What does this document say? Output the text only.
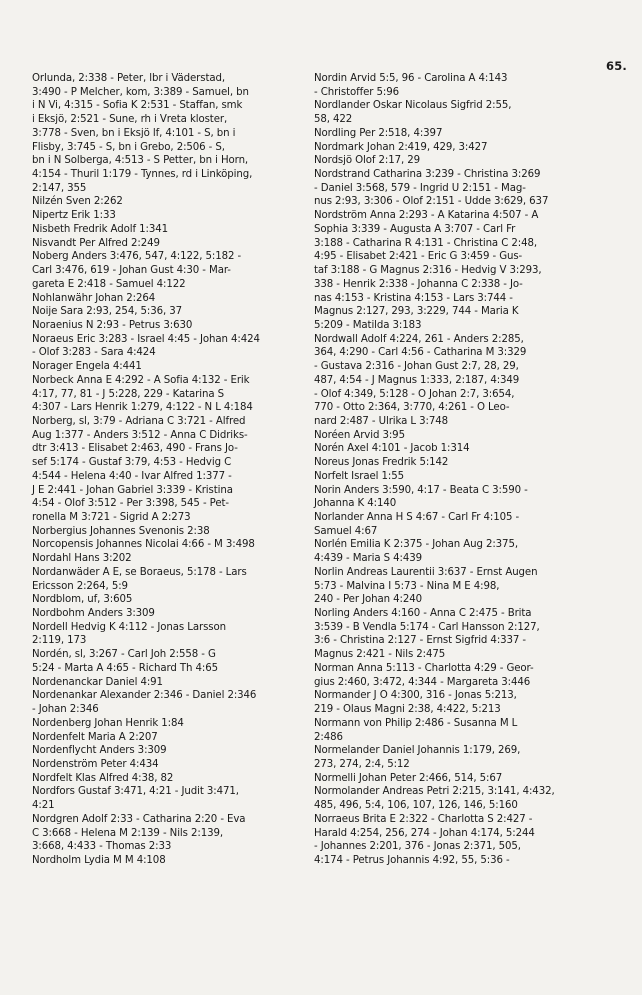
65.
Orlunda, 2:338 - Peter, lbr i Väderstad,
3:490 - P Melcher, kom, 3:389 - Samuel, bn
i N Vi, 4:315 - Sofia K 2:531 - Staffan, smk
i Eksjö, 2:521 - Sune, rh i Vreta kloster,
3:778 - Sven, bn i Eksjö lf, 4:101 - S, bn i
Flisby, 3:745 - S, bn i Grebo, 2:506 - S,
bn i N Solberga, 4:513 - S Petter, bn i Horn,
4:154 - Thuril 1:179 - Tynnes, rd i Linköping,
2:147, 355
Nilzén Sven 2:262
Nipertz Erik 1:33
Nisbeth Fredrik Adolf 1:341
Nisvandt Per Alfred 2:249
Noberg Anders 3:476, 547, 4:122, 5:182 -
Carl 3:476, 619 - Johan Gust 4:30 - Mar-
gareta E 2:418 - Samuel 4:122
Nohlanwähr Johan 2:264
Noije Sara 2:93, 254, 5:36, 37
Noraenius N 2:93 - Petrus 3:630
Noraeus Eric 3:283 - Israel 4:45 - Johan 4:424
- Olof 3:283 - Sara 4:424
Norager Engela 4:441
Norbeck Anna E 4:292 - A Sofia 4:132 - Erik
4:17, 77, 81 - J 5:228, 229 - Katarina S
4:307 - Lars Henrik 1:279, 4:122 - N L 4:184
Norberg, sl, 3:79 - Adriana C 3:721 - Alfred
Aug 1:377 - Anders 3:512 - Anna C Didriks-
dtr 3:413 - Elisabet 2:463, 490 - Frans Jo-
sef 5:174 - Gustaf 3:79, 4:53 - Hedvig C
4:544 - Helena 4:40 - Ivar Alfred 1:377 -
J E 2:441 - Johan Gabriel 3:339 - Kristina
4:54 - Olof 3:512 - Per 3:398, 545 - Pet-
ronella M 3:721 - Sigrid A 2:273
Norbergius Johannes Svenonis 2:38
Norcopensis Johannes Nicolai 4:66 - M 3:498
Nordahl Hans 3:202
Nordanwäder A E, se Boraeus, 5:178 - Lars
Ericsson 2:264, 5:9
Nordblom, uf, 3:605
Nordbohm Anders 3:309
Nordell Hedvig K 4:112 - Jonas Larsson
2:119, 173
Nordén, sl, 3:267 - Carl Joh 2:558 - G
5:24 - Marta A 4:65 - Richard Th 4:65
Nordenanckar Daniel 4:91
Nordenankar Alexander 2:346 - Daniel 2:346
- Johan 2:346
Nordenberg Johan Henrik 1:84
Nordenfelt Maria A 2:207
Nordenflycht Anders 3:309
Nordenström Peter 4:434
Nordfelt Klas Alfred 4:38, 82
Nordfors Gustaf 3:471, 4:21 - Judit 3:471,
4:21
Nordgren Adolf 2:33 - Catharina 2:20 - Eva
C 3:668 - Helena M 2:139 - Nils 2:139,
3:668, 4:433 - Thomas 2:33
Nordholm Lydia M M 4:108
Nordin Arvid 5:5, 96 - Carolina A 4:143
- Christoffer 5:96
Nordlander Oskar Nicolaus Sigfrid 2:55,
58, 422
Nordling Per 2:518, 4:397
Nordmark Johan 2:419, 429, 3:427
Nordsjö Olof 2:17, 29
Nordstrand Catharina 3:239 - Christina 3:269
- Daniel 3:568, 579 - Ingrid U 2:151 - Mag-
nus 2:93, 3:306 - Olof 2:151 - Udde 3:629, 637
Nordström Anna 2:293 - A Katarina 4:507 - A
Sophia 3:339 - Augusta A 3:707 - Carl Fr
3:188 - Catharina R 4:131 - Christina C 2:48,
4:95 - Elisabet 2:421 - Eric G 3:459 - Gus-
taf 3:188 - G Magnus 2:316 - Hedvig V 3:293,
338 - Henrik 2:338 - Johanna C 2:338 - Jo-
nas 4:153 - Kristina 4:153 - Lars 3:744 -
Magnus 2:127, 293, 3:229, 744 - Maria K
5:209 - Matilda 3:183
Nordwall Adolf 4:224, 261 - Anders 2:285,
364, 4:290 - Carl 4:56 - Catharina M 3:329
- Gustava 2:316 - Johan Gust 2:7, 28, 29,
487, 4:54 - J Magnus 1:333, 2:187, 4:349
- Olof 4:349, 5:128 - O Johan 2:7, 3:654,
770 - Otto 2:364, 3:770, 4:261 - O Leo-
nard 2:487 - Ulrika L 3:748
Noréen Arvid 3:95
Norén Axel 4:101 - Jacob 1:314
Noreus Jonas Fredrik 5:142
Norfelt Israel 1:55
Norin Anders 3:590, 4:17 - Beata C 3:590 -
Johanna K 4:140
Norlander Anna H S 4:67 - Carl Fr 4:105 -
Samuel 4:67
Norlén Emilia K 2:375 - Johan Aug 2:375,
4:439 - Maria S 4:439
Norlin Andreas Laurentii 3:637 - Ernst Augen
5:73 - Malvina I 5:73 - Nina M E 4:98,
240 - Per Johan 4:240
Norling Anders 4:160 - Anna C 2:475 - Brita
3:539 - B Vendla 5:174 - Carl Hansson 2:127,
3:6 - Christina 2:127 - Ernst Sigfrid 4:337 -
Magnus 2:421 - Nils 2:475
Norman Anna 5:113 - Charlotta 4:29 - Geor-
gius 2:460, 3:472, 4:344 - Margareta 3:446
Normander J O 4:300, 316 - Jonas 5:213,
219 - Olaus Magni 2:38, 4:422, 5:213
Normann von Philip 2:486 - Susanna M L
2:486
Normelander Daniel Johannis 1:179, 269,
273, 274, 2:4, 5:12
Normelli Johan Peter 2:466, 514, 5:67
Normolander Andreas Petri 2:215, 3:141, 4:432,
485, 496, 5:4, 106, 107, 126, 146, 5:160
Norraeus Brita E 2:322 - Charlotta S 2:427 -
Harald 4:254, 256, 274 - Johan 4:174, 5:244
- Johannes 2:201, 376 - Jonas 2:371, 505,
4:174 - Petrus Johannis 4:92, 55, 5:36 -
